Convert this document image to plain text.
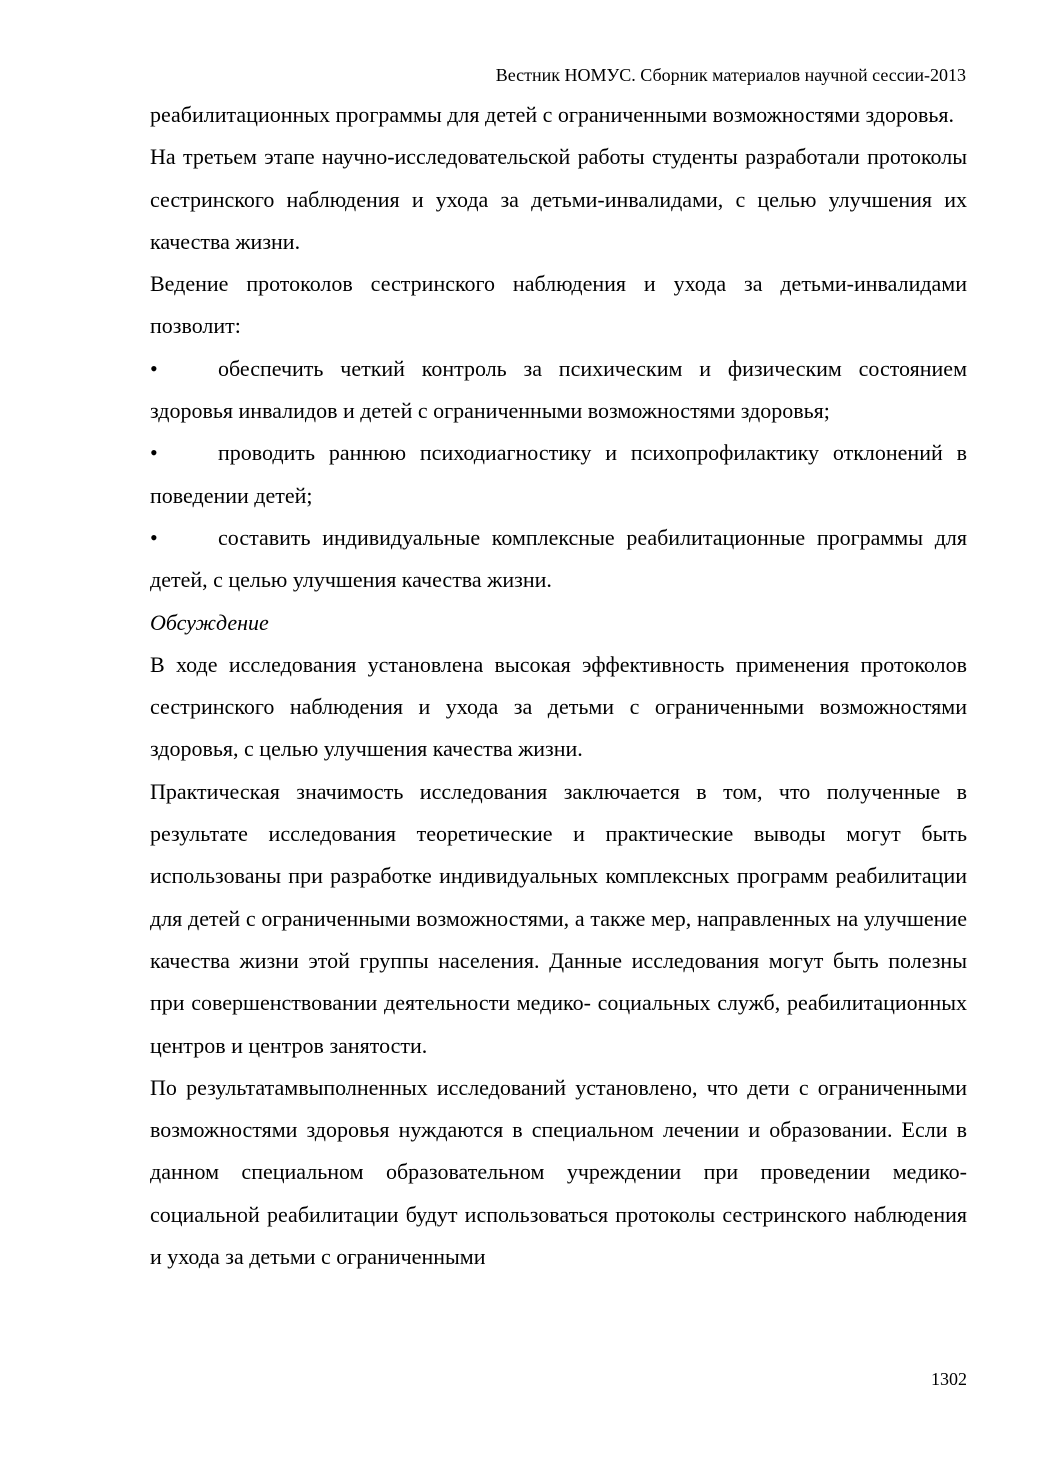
Вестник НОМУС. Сборник материалов научной сессии-2013

реабилитационных программы для детей с ограниченными возможностями здоровья.

На третьем этапе научно-исследовательской работы студенты разработали протоколы сестринского наблюдения и ухода за детьми-инвалидами, с целью улучшения их качества жизни.

Ведение протоколов сестринского наблюдения и ухода за детьми-инвалидами позволит:

•	обеспечить четкий контроль за психическим и физическим состоянием здоровья инвалидов и детей с ограниченными возможностями здоровья;

•	проводить раннюю психодиагностику и психопрофилактику отклонений в поведении детей;

•	составить индивидуальные комплексные реабилитационные программы для детей, с целью улучшения качества жизни.

Обсуждение

В ходе исследования установлена высокая эффективность применения протоколов сестринского наблюдения и ухода за детьми с ограниченными возможностями здоровья, с целью улучшения качества жизни.

Практическая значимость исследования заключается в том, что полученные в результате исследования теоретические и практические выводы могут быть использованы при разработке индивидуальных комплексных программ реабилитации для детей с ограниченными возможностями, а также мер, направленных на улучшение качества жизни этой группы населения. Данные исследования могут быть полезны при совершенствовании деятельности медико- социальных служб, реабилитационных центров и центров занятости.

По результатамвыполненных исследований установлено, что дети с ограниченными возможностями здоровья нуждаются в специальном лечении и образовании. Если в данном специальном образовательном учреждении при проведении медико- социальной реабилитации будут использоваться протоколы сестринского наблюдения и ухода за детьми с ограниченными

1302
